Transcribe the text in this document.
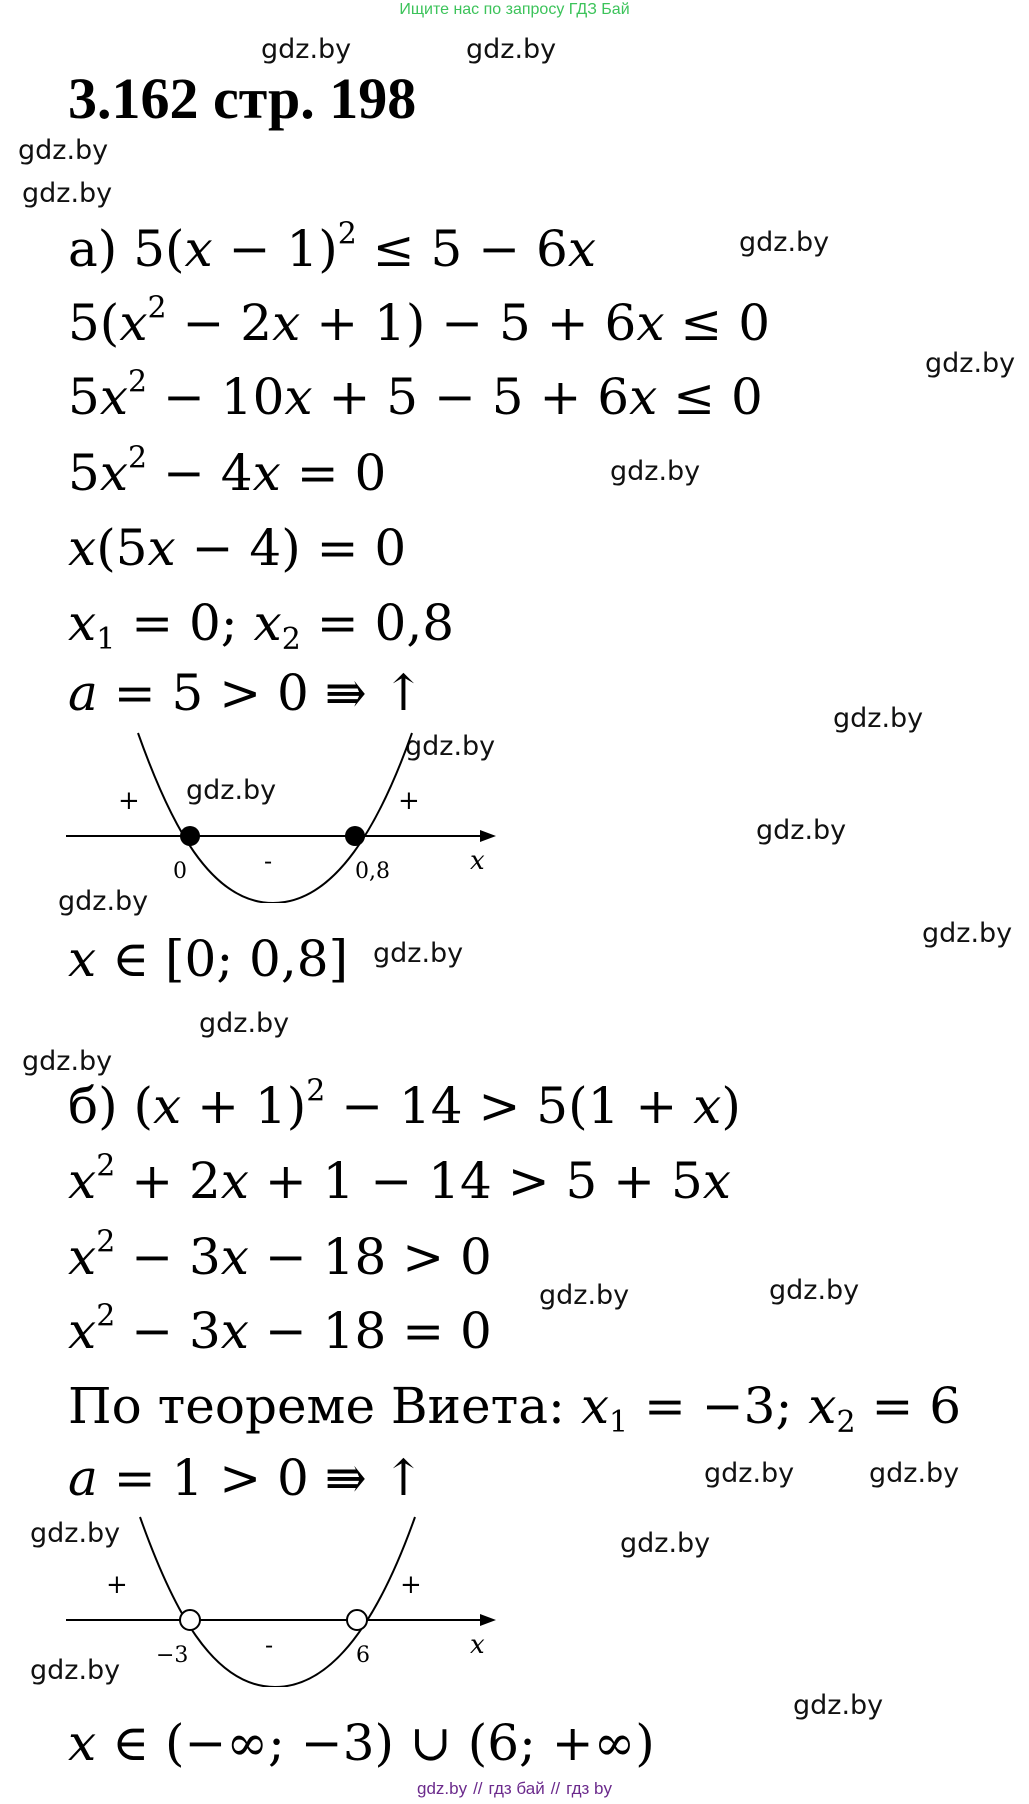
Ищите нас по запросу ГДЗ Бай
3.162 стр. 198
gdz.by	gdz.by
gdz.by
gdz.by
gdz.by
gdz.by
gdz.by
gdz.by
gdz.by
gdz.by
gdz.by
gdz.by
gdz.by
gdz.by
gdz.by
gdz.by
gdz.by	gdz.by
gdz.by	gdz.by
gdz.by	gdz.by
gdz.by
gdz.by
а) $5(x - 1)^2 \le 5 - 6x$
$5(x^2 - 2x + 1) - 5 + 6x \le 0$
$5x^2 - 10x + 5 - 5 + 6x \le 0$
$5x^2 - 4x = 0$
x(5x − 4) = 0
$x_1 = 0$; $x_2 = 0,8$
a = 5 > 0 ⇛ ↑
+	+
-
0	0,8	x
x ∈ [0; 0,8]
б) $(x + 1)^2 - 14 > 5(1 + x)$
$x^2 + 2x + 1 - 14 > 5 + 5x$
$x^2 - 3x - 18 > 0$
$x^2 - 3x - 18 = 0$
По теореме Виета: $x_1 = -3$; $x_2 = 6$
a = 1 > 0 ⇛ ↑
+	+
-
−3	6	x
x ∈ (−∞; −3) ∪ (6; +∞)
gdz.by // гдз бай // гдз by
